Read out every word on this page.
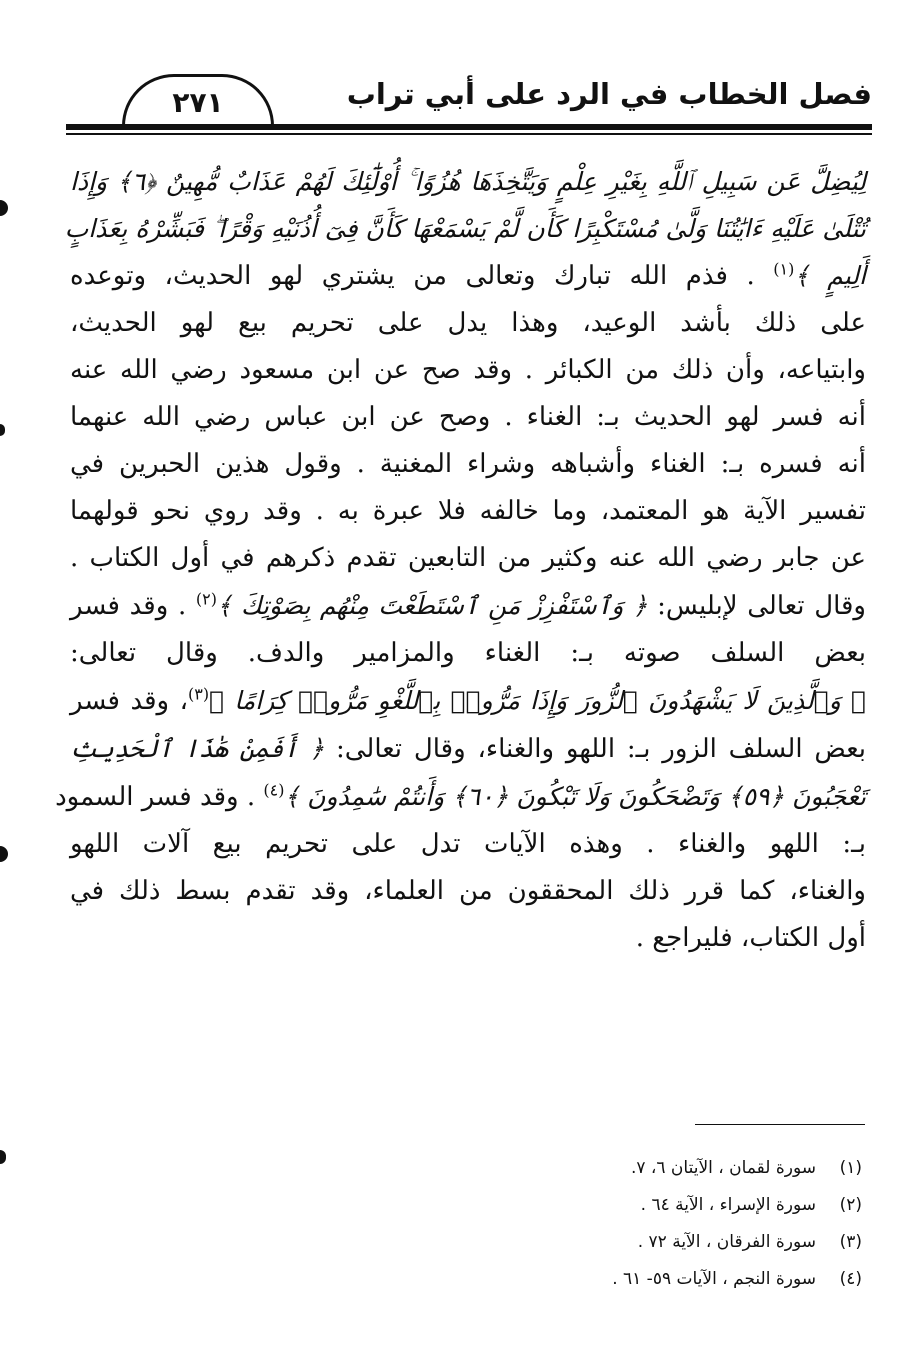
فصل الخطاب في الرد على أبي تراب
٢٧١
لِيُضِلَّ عَن سَبِيلِ ٱللَّهِ بِغَيْرِ عِلْمٍ وَيَتَّخِذَهَا هُزُوًا ۚ أُوْلَٰٓئِكَ لَهُمْ عَذَابٌ مُّهِينٌ ﴿٦﴾ وَإِذَا
تُتْلَىٰ عَلَيْهِ ءَايَٰتُنَا وَلَّىٰ مُسْتَكْبِرًا كَأَن لَّمْ يَسْمَعْهَا كَأَنَّ فِىٓ أُذُنَيْهِ وَقْرًا ۖ فَبَشِّرْهُ بِعَذَابٍ
أَلِيمٍ ﴾$^{(١)}$ . فذم الله تبارك وتعالى من يشتري لهو الحديث، وتوعده
على ذلك بأشد الوعيد، وهذا يدل على تحريم بيع لهو الحديث،
وابتياعه، وأن ذلك من الكبائر . وقد صح عن ابن مسعود رضي الله عنه
أنه فسر لهو الحديث بـ: الغناء . وصح عن ابن عباس رضي الله عنهما
أنه فسره بـ: الغناء وأشباهه وشراء المغنية . وقول هذين الحبرين في
تفسير الآية هو المعتمد، وما خالفه فلا عبرة به . وقد روي نحو قولهما
عن جابر رضي الله عنه وكثير من التابعين تقدم ذكرهم في أول الكتاب .
وقال تعالى لإبليس: ﴿ وَٱسْتَفْزِزْ مَنِ ٱسْتَطَعْتَ مِنْهُم بِصَوْتِكَ ﴾$^{(٢)}$ . وقد فسر
بعض السلف صوته بـ: الغناء والمزامير والدف. وقال تعالى:
﴿ وَٱلَّذِينَ لَا يَشْهَدُونَ ٱلزُّورَ وَإِذَا مَرُّوا۟ بِٱللَّغْوِ مَرُّوا۟ كِرَامًا ﴾$^{(٣)}$، وقد فسر
بعض السلف الزور بـ: اللهو والغناء، وقال تعالى: ﴿ أَفَمِنْ هَٰذَا ٱلْحَدِيثِ
تَعْجَبُونَ ﴿٥٩﴾ وَتَضْحَكُونَ وَلَا تَبْكُونَ ﴿٦٠﴾ وَأَنتُمْ سَٰمِدُونَ ﴾$^{(٤)}$ . وقد فسر السمود
بـ: اللهو والغناء . وهذه الآيات تدل على تحريم بيع آلات اللهو
والغناء، كما قرر ذلك المحققون من العلماء، وقد تقدم بسط ذلك في
أول الكتاب، فليراجع .
(١)سورة لقمان ، الآيتان ٦، ٧.
(٢)سورة الإسراء ، الآية ٦٤ .
(٣)سورة الفرقان ، الآية ٧٢ .
(٤)سورة النجم ، الآيات ٥٩- ٦١ .
